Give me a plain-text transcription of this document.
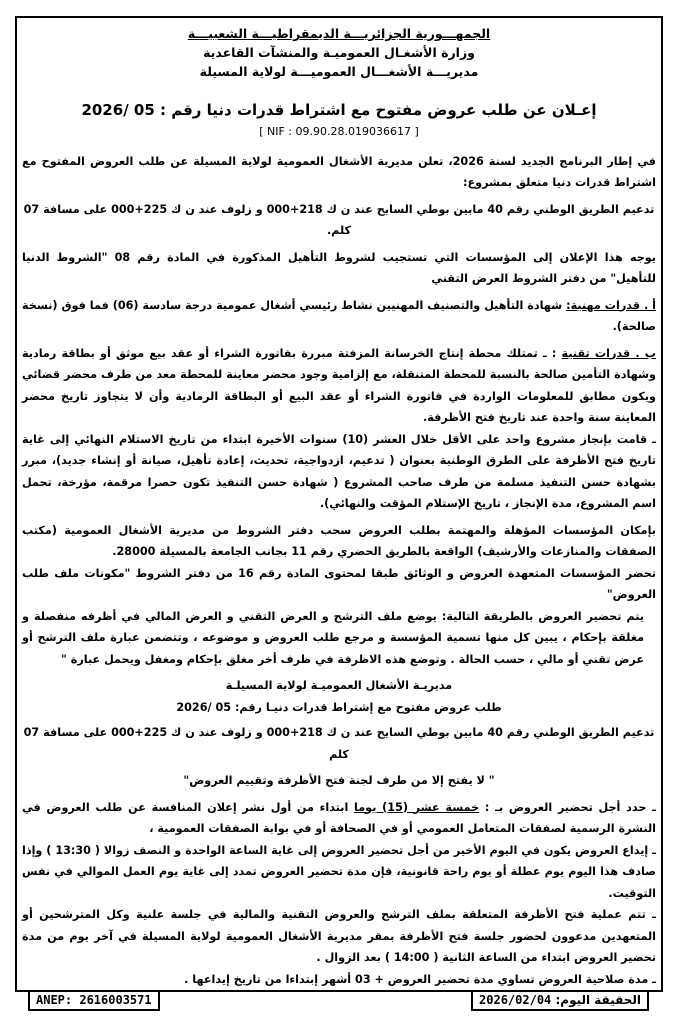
الجمهـــورية الجزائريـــة الديمقراطيـــة الشعبيـــة
وزارة الأشغـال العموميـة والمنشآت القاعدية
مديريـــة الأشغـــال العموميـــة لولاية المسيلة
إعـلان عن طلب عروض مفتوح مع اشتراط قدرات دنيا رقم : 05 /2026
[ NIF : 09.90.28.019036617 ]

في إطار البرنامج الجديد لسنة 2026، تعلن مديرية الأشغال العمومية لولاية المسيلة عن طلب العروض المفتوح مع اشتراط قدرات دنيا متعلق بمشروع:

تدعيم الطريق الوطني رقم 40 مابين بوطي السايح عند ن ك 218+000 و زلوف عند ن ك 225+000 على مسافة 07 كلم.

يوجه هذا الإعلان إلى المؤسسات التي تستجيب لشروط التأهيل المذكورة في المادة رقم 08 "الشروط الدنيا للتأهيل" من دفتر الشروط العرض التقني

أ . قدرات مهنية: شهادة التأهيل والتصنيف المهنيين نشاط رئيسي أشغال عمومية درجة سادسة (06) فما فوق (نسخة صالحة).

ب . قدرات تقنية : ـ تمتلك محطة إنتاج الخرسانة المزفتة مبررة بفاتورة الشراء أو عقد بيع موثق أو بطاقة رمادية وشهادة التأمين صالحة بالنسبة للمحطة المتنقلة، مع إلزامية وجود محضر معاينة للمحطة معد من طرف محضر قضائي ويكون مطابق للمعلومات الواردة في فاتورة الشراء أو عقد البيع أو البطاقة الرمادية وأن لا يتجاوز تاريخ محضر المعاينة سنة واحدة عند تاريخ فتح الأظرفة.

ـ قامت بإنجاز مشروع واحد على الأقل خلال العشر (10) سنوات الأخيرة ابتداء من تاريخ الاستلام النهائي إلى غاية تاريخ فتح الأظرفة على الطرق الوطنية بعنوان ( تدعيم، ازدواجية، تحديث، إعادة تأهيل، صيانة أو إنشاء جديد)، مبرر بشهادة حسن التنفيذ مسلمة من طرف صاحب المشروع ( شهادة حسن التنفيذ تكون حصرا مرقمة، مؤرخة، تحمل اسم المشروع، مدة الإنجاز ، تاريخ الإستلام المؤقت والنهائي).

بإمكان المؤسسات المؤهلة والمهتمة بطلب العروض سحب دفتر الشروط من مديرية الأشغال العمومية (مكتب الصفقات والمنازعات والأرشيف) الواقعة بالطريق الحضري رقم 11 بجانب الجامعة بالمسيلة 28000.

تحضر المؤسسات المتعهدة العروض و الوثائق طبقا لمحتوى المادة رقم 16 من دفتر الشروط "مكونات ملف طلب العروض"

يتم تحضير العروض بالطريقة التالية: يوضع ملف الترشح و العرض التقني و العرض المالي في أظرفه منفصلة و مغلقة بإحكام ، يبين كل منها تسمية المؤسسة و مرجع طلب العروض و موضوعه ، وتتضمن عبارة ملف الترشح أو عرض تقني أو مالي ، حسب الحالة . وتوضع هذه الاظرفة في ظرف أخر مغلق بإحكام ومغفل ويحمل عبارة "

مديريـة الأشغال العموميـة لولاية المسيلـة
طلب عروض مفتوح مع إشتراط قدرات دنيـا رقم: 05 /2026

تدعيم الطريق الوطني رقم 40 مابين بوطي السايح عند ن ك 218+000 و زلوف عند ن ك 225+000 على مسافة 07 كلم

" لا يفتح إلا من طرف لجنة فتح الأظرفة وتقييم العروض"

ـ حدد أجل تحضير العروض بـ : خمسة عشر (15) يوما ابتداء من أول نشر إعلان المنافسة عن طلب العروض في النشرة الرسمية لصفقات المتعامل العمومي أو في الصحافة أو في بوابة الصفقات العمومية ،

ـ إيداع العروض يكون في اليوم الأخير من أجل تحضير العروض إلى غاية الساعة الواحدة و النصف زوالا ( 13:30 ) وإذا صادف هذا اليوم يوم عطلة أو يوم راحة قانونية، فإن مدة تحضير العروض تمدد إلى غاية يوم العمل الموالي في نفس التوقيت.

ـ تتم عملية فتح الأظرفة المتعلقة بملف الترشح والعروض التقنية والمالية في جلسة علنية وكل المترشحين أو المتعهدين مدعوون لحضور جلسة فتح الأظرفة بمقر مديرية الأشغال العمومية لولاية المسيلة في آخر يوم من مدة تحضير العروض ابتداء من الساعة الثانية ( 14:00 ) بعد الزوال .

ـ مدة صلاحية العروض تساوي مدة تحضير العروض + 03 أشهر إبتداءا من تاريخ إيداعها .

ANEP: 2616003571	الحقيقة اليوم: 2026/02/04
